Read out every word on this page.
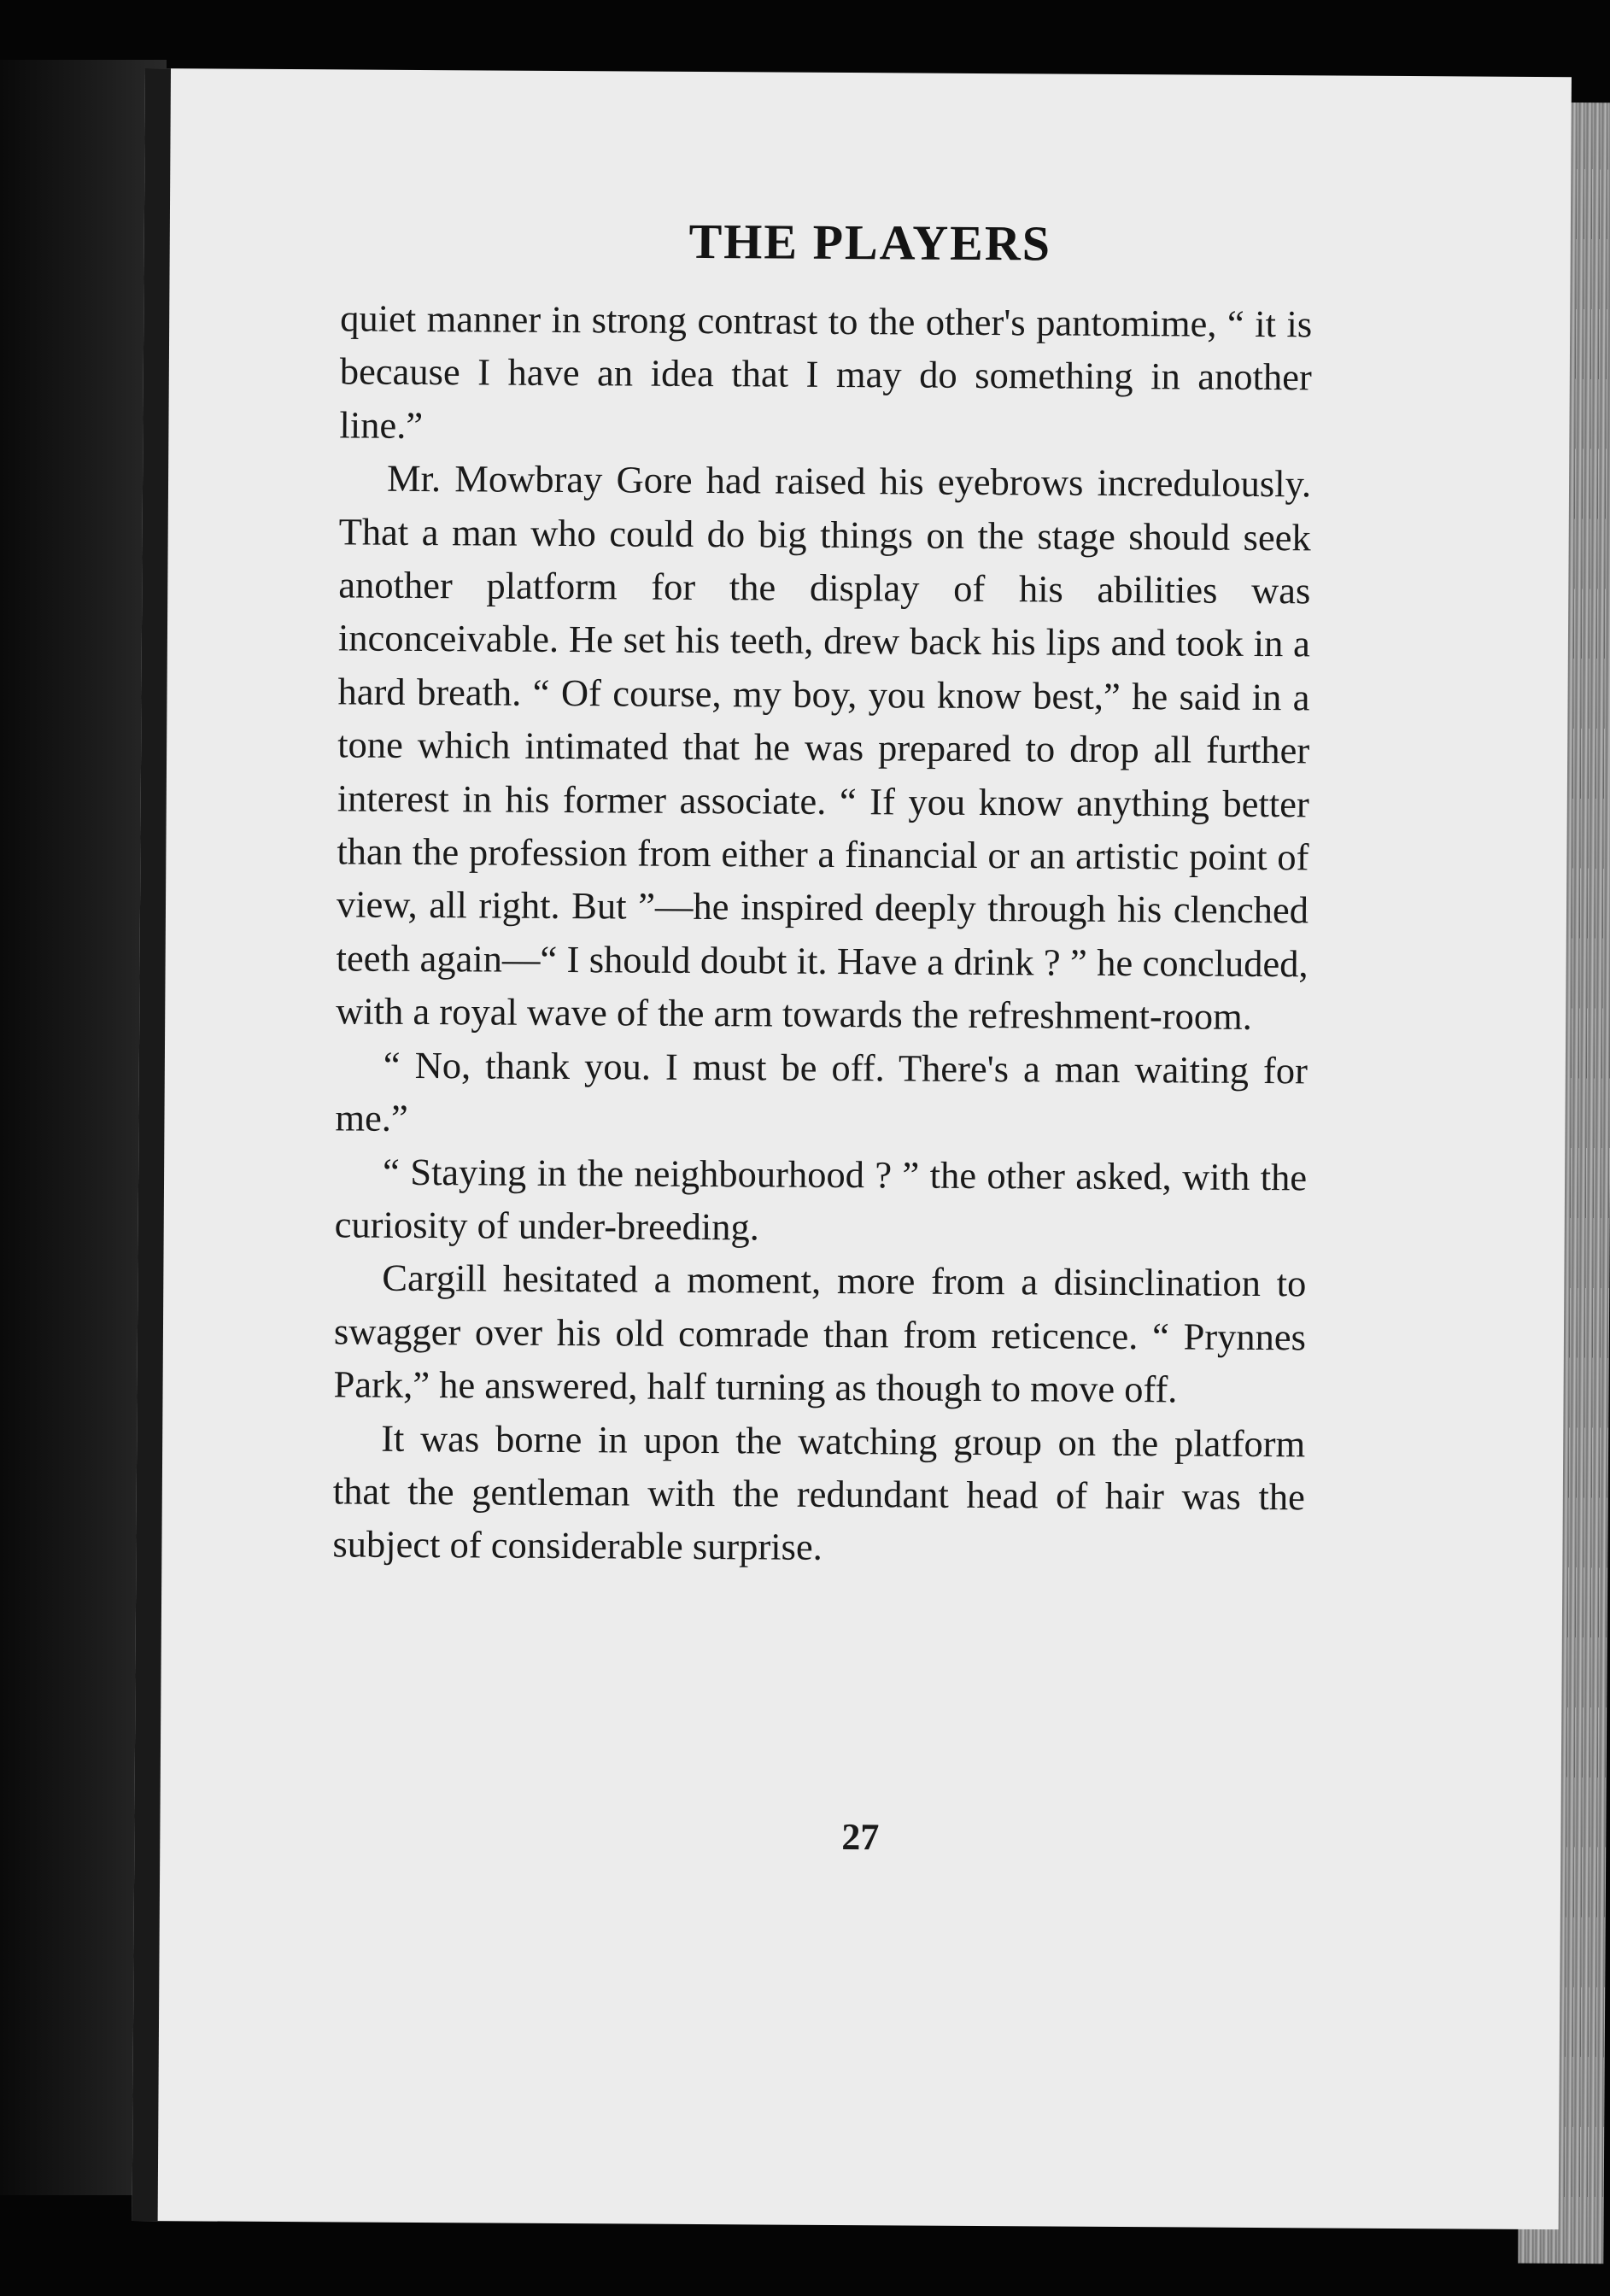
THE PLAYERS

quiet manner in strong contrast to the other's pantomime, “ it is because I have an idea that I may do something in another line.”

Mr. Mowbray Gore had raised his eyebrows incredulously. That a man who could do big things on the stage should seek another platform for the display of his abilities was inconceivable. He set his teeth, drew back his lips and took in a hard breath. “ Of course, my boy, you know best,” he said in a tone which intimated that he was prepared to drop all further interest in his former associate. “ If you know anything better than the profession from either a financial or an artistic point of view, all right. But ”—he inspired deeply through his clenched teeth again—“ I should doubt it. Have a drink ? ” he concluded, with a royal wave of the arm towards the refreshment-room.

“ No, thank you. I must be off. There's a man waiting for me.”

“ Staying in the neighbourhood ? ” the other asked, with the curiosity of under-breeding.

Cargill hesitated a moment, more from a disinclination to swagger over his old comrade than from reticence. “ Prynnes Park,” he answered, half turning as though to move off.

It was borne in upon the watching group on the platform that the gentleman with the redundant head of hair was the subject of considerable surprise.

27
